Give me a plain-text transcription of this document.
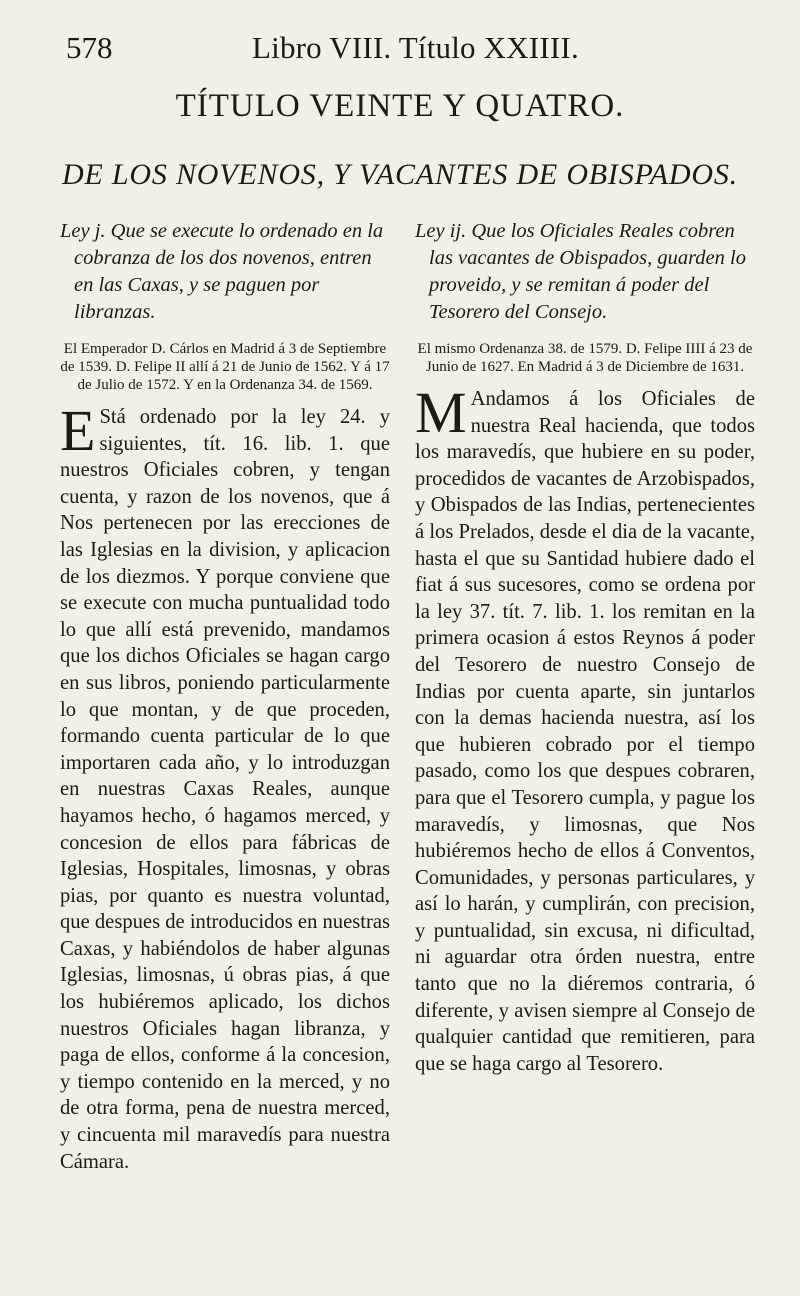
578	Libro VIII. Título XXIIII.
TÍTULO VEINTE Y QUATRO.
DE LOS NOVENOS, Y VACANTES DE OBISPADOS.

Ley j. Que se execute lo ordenado en la cobranza de los dos novenos, entren en las Caxas, y se paguen por libranzas.

El Emperador D. Cárlos en Madrid á 3 de Septiembre de 1539. D. Felipe II allí á 21 de Junio de 1562. Y á 17 de Julio de 1572. Y en la Ordenanza 34. de 1569.

E Stá ordenado por la ley 24. y siguientes, tít. 16. lib. 1. que nuestros Oficiales cobren, y tengan cuenta, y razon de los novenos, que á Nos pertenecen por las erecciones de las Iglesias en la division, y aplicacion de los diezmos. Y porque conviene que se execute con mucha puntualidad todo lo que allí está prevenido, mandamos que los dichos Oficiales se hagan cargo en sus libros, poniendo particularmente lo que montan, y de que proceden, formando cuenta particular de lo que importaren cada año, y lo introduzgan en nuestras Caxas Reales, aunque hayamos hecho, ó hagamos merced, y concesion de ellos para fábricas de Iglesias, Hospitales, limosnas, y obras pias, por quanto es nuestra voluntad, que despues de introducidos en nuestras Caxas, y habiéndolos de haber algunas Iglesias, limosnas, ú obras pias, á que los hubiéremos aplicado, los dichos nuestros Oficiales hagan libranza, y paga de ellos, conforme á la concesion, y tiempo contenido en la merced, y no de otra forma, pena de nuestra merced, y cincuenta mil maravedís para nuestra Cámara.

Ley ij. Que los Oficiales Reales cobren las vacantes de Obispados, guarden lo proveido, y se remitan á poder del Tesorero del Consejo.

El mismo Ordenanza 38. de 1579. D. Felipe IIII á 23 de Junio de 1627. En Madrid á 3 de Diciembre de 1631.

M Andamos á los Oficiales de nuestra Real hacienda, que todos los maravedís, que hubiere en su poder, procedidos de vacantes de Arzobispados, y Obispados de las Indias, pertenecientes á los Prelados, desde el dia de la vacante, hasta el que su Santidad hubiere dado el fiat á sus sucesores, como se ordena por la ley 37. tít. 7. lib. 1. los remitan en la primera ocasion á estos Reynos á poder del Tesorero de nuestro Consejo de Indias por cuenta aparte, sin juntarlos con la demas hacienda nuestra, así los que hubieren cobrado por el tiempo pasado, como los que despues cobraren, para que el Tesorero cumpla, y pague los maravedís, y limosnas, que Nos hubiéremos hecho de ellos á Conventos, Comunidades, y personas particulares, y así lo harán, y cumplirán, con precision, y puntualidad, sin excusa, ni dificultad, ni aguardar otra órden nuestra, entre tanto que no la diéremos contraria, ó diferente, y avisen siempre al Consejo de qualquier cantidad que remitieren, para que se haga cargo al Tesorero.
